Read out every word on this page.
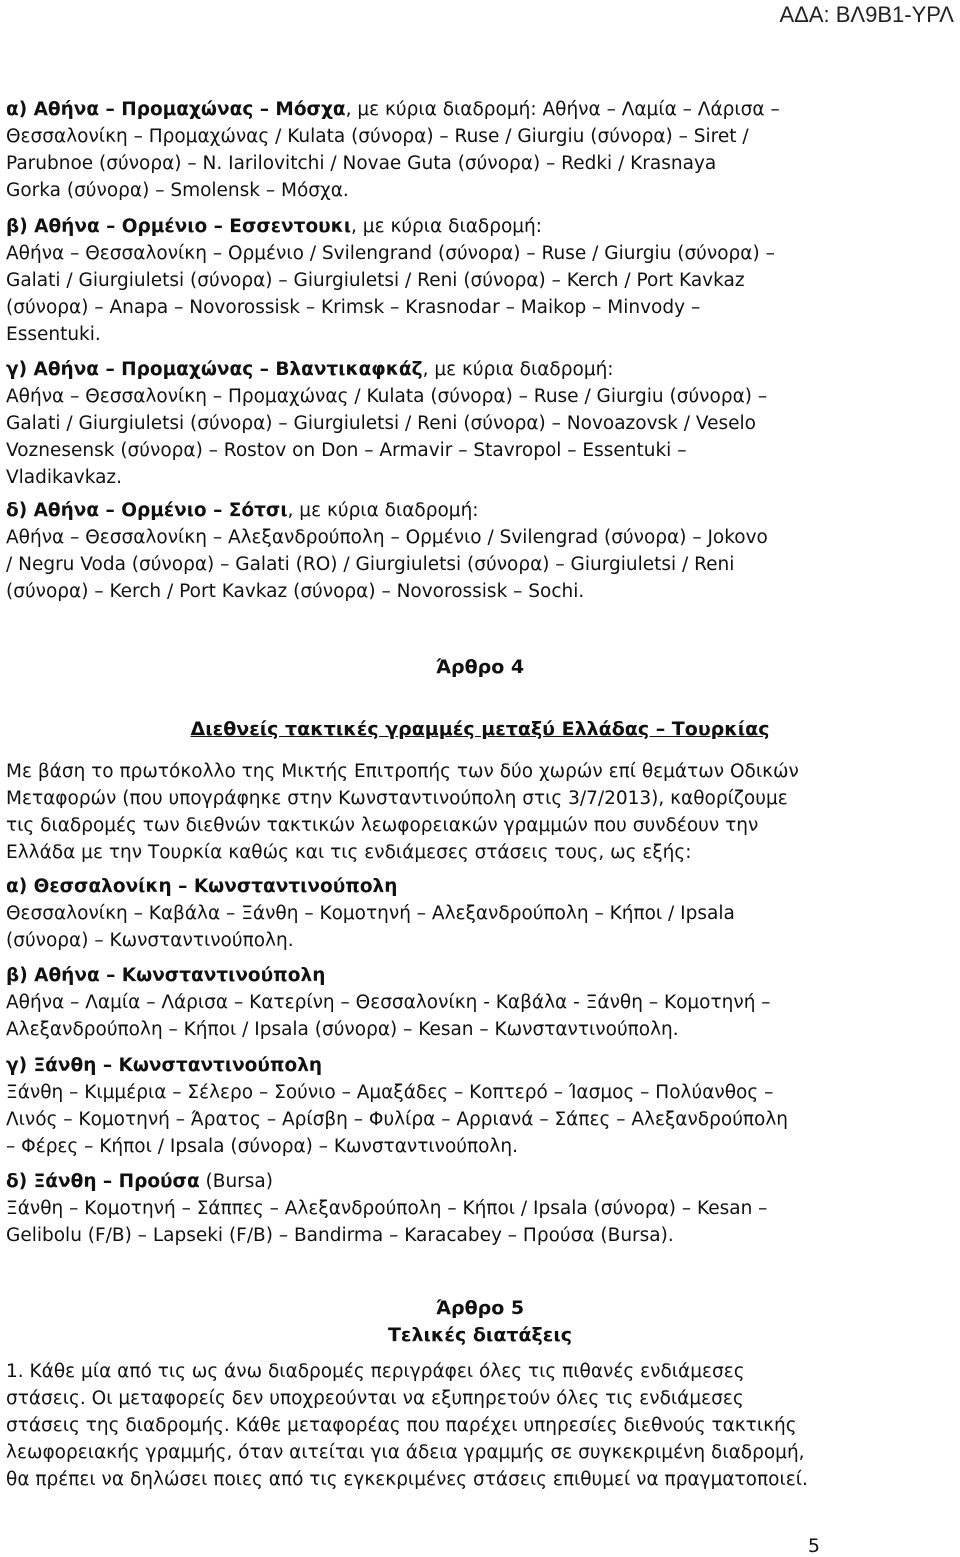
ΑΔΑ: ΒΛ9Β1-ΥΡΛ
α) Αθήνα – Προμαχώνας – Μόσχα, με κύρια διαδρομή: Αθήνα – Λαμία – Λάρισα –
Θεσσαλονίκη – Προμαχώνας / Kulata (σύνορα) – Ruse / Giurgiu (σύνορα) – Siret /
Parubnoe (σύνορα) – N. Iarilovitchi / Novae Guta (σύνορα) – Redki / Krasnaya
Gorka (σύνορα) – Smolensk – Μόσχα.
β) Αθήνα – Ορμένιο – Εσσεντουκι, με κύρια διαδρομή:
Αθήνα – Θεσσαλονίκη – Ορμένιο / Svilengrand (σύνορα) – Ruse / Giurgiu (σύνορα) –
Galati / Giurgiuletsi (σύνορα) – Giurgiuletsi / Reni (σύνορα) – Kerch / Port Kavkaz
(σύνορα) – Anapa – Novorossisk – Krimsk – Krasnodar – Maikop – Minvody –
Essentuki.
γ) Αθήνα – Προμαχώνας – Βλαντικαφκάζ, με κύρια διαδρομή:
Αθήνα – Θεσσαλονίκη – Προμαχώνας / Kulata (σύνορα) – Ruse / Giurgiu (σύνορα) –
Galati / Giurgiuletsi (σύνορα) – Giurgiuletsi / Reni (σύνορα) – Novoazovsk / Veselo
Voznesensk (σύνορα) – Rostov on Don – Armavir – Stavropol – Essentuki –
Vladikavkaz.
δ) Αθήνα – Ορμένιο – Σότσι, με κύρια διαδρομή:
Αθήνα – Θεσσαλονίκη – Αλεξανδρούπολη – Ορμένιο / Svilengrad (σύνορα) – Jokovo
/ Negru Voda (σύνορα) – Galati (RO) / Giurgiuletsi (σύνορα) – Giurgiuletsi / Reni
(σύνορα) – Kerch / Port Kavkaz (σύνορα) – Novorossisk – Sochi.
Άρθρο 4
Διεθνείς τακτικές γραμμές μεταξύ Ελλάδας – Τουρκίας
Με βάση το πρωτόκολλο της Μικτής Επιτροπής των δύο χωρών επί θεμάτων Οδικών
Μεταφορών (που υπογράφηκε στην Κωνσταντινούπολη στις 3/7/2013), καθορίζουμε
τις διαδρομές των διεθνών τακτικών λεωφορειακών γραμμών που συνδέουν την
Ελλάδα με την Τουρκία καθώς και τις ενδιάμεσες στάσεις τους, ως εξής:
α) Θεσσαλονίκη – Κωνσταντινούπολη
Θεσσαλονίκη – Καβάλα – Ξάνθη – Κομοτηνή – Αλεξανδρούπολη – Κήποι / Ipsala
(σύνορα) – Κωνσταντινούπολη.
β) Αθήνα – Κωνσταντινούπολη
Αθήνα – Λαμία – Λάρισα – Κατερίνη – Θεσσαλονίκη - Καβάλα - Ξάνθη – Κομοτηνή –
Αλεξανδρούπολη – Κήποι / Ipsala (σύνορα) – Kesan – Κωνσταντινούπολη.
γ) Ξάνθη – Κωνσταντινούπολη
Ξάνθη – Κιμμέρια – Σέλερο – Σούνιο – Αμαξάδες – Κοπτερό – Ίασμος – Πολύανθος –
Λινός – Κομοτηνή – Άρατος – Αρίσβη – Φυλίρα – Αρριανά – Σάπες – Αλεξανδρούπολη
– Φέρες – Κήποι / Ipsala (σύνορα) – Κωνσταντινούπολη.
δ) Ξάνθη – Προύσα (Bursa)
Ξάνθη – Κομοτηνή – Σάππες – Αλεξανδρούπολη – Κήποι / Ipsala (σύνορα) – Kesan –
Gelibolu (F/B) – Lapseki (F/B) – Bandirma – Karacabey – Προύσα (Bursa).
Άρθρο 5
Τελικές διατάξεις
1. Κάθε μία από τις ως άνω διαδρομές περιγράφει όλες τις πιθανές ενδιάμεσες
στάσεις. Οι μεταφορείς δεν υποχρεούνται να εξυπηρετούν όλες τις ενδιάμεσες
στάσεις της διαδρομής. Κάθε μεταφορέας που παρέχει υπηρεσίες διεθνούς τακτικής
λεωφορειακής γραμμής, όταν αιτείται για άδεια γραμμής σε συγκεκριμένη διαδρομή,
θα πρέπει να δηλώσει ποιες από τις εγκεκριμένες στάσεις επιθυμεί να πραγματοποιεί.
5
